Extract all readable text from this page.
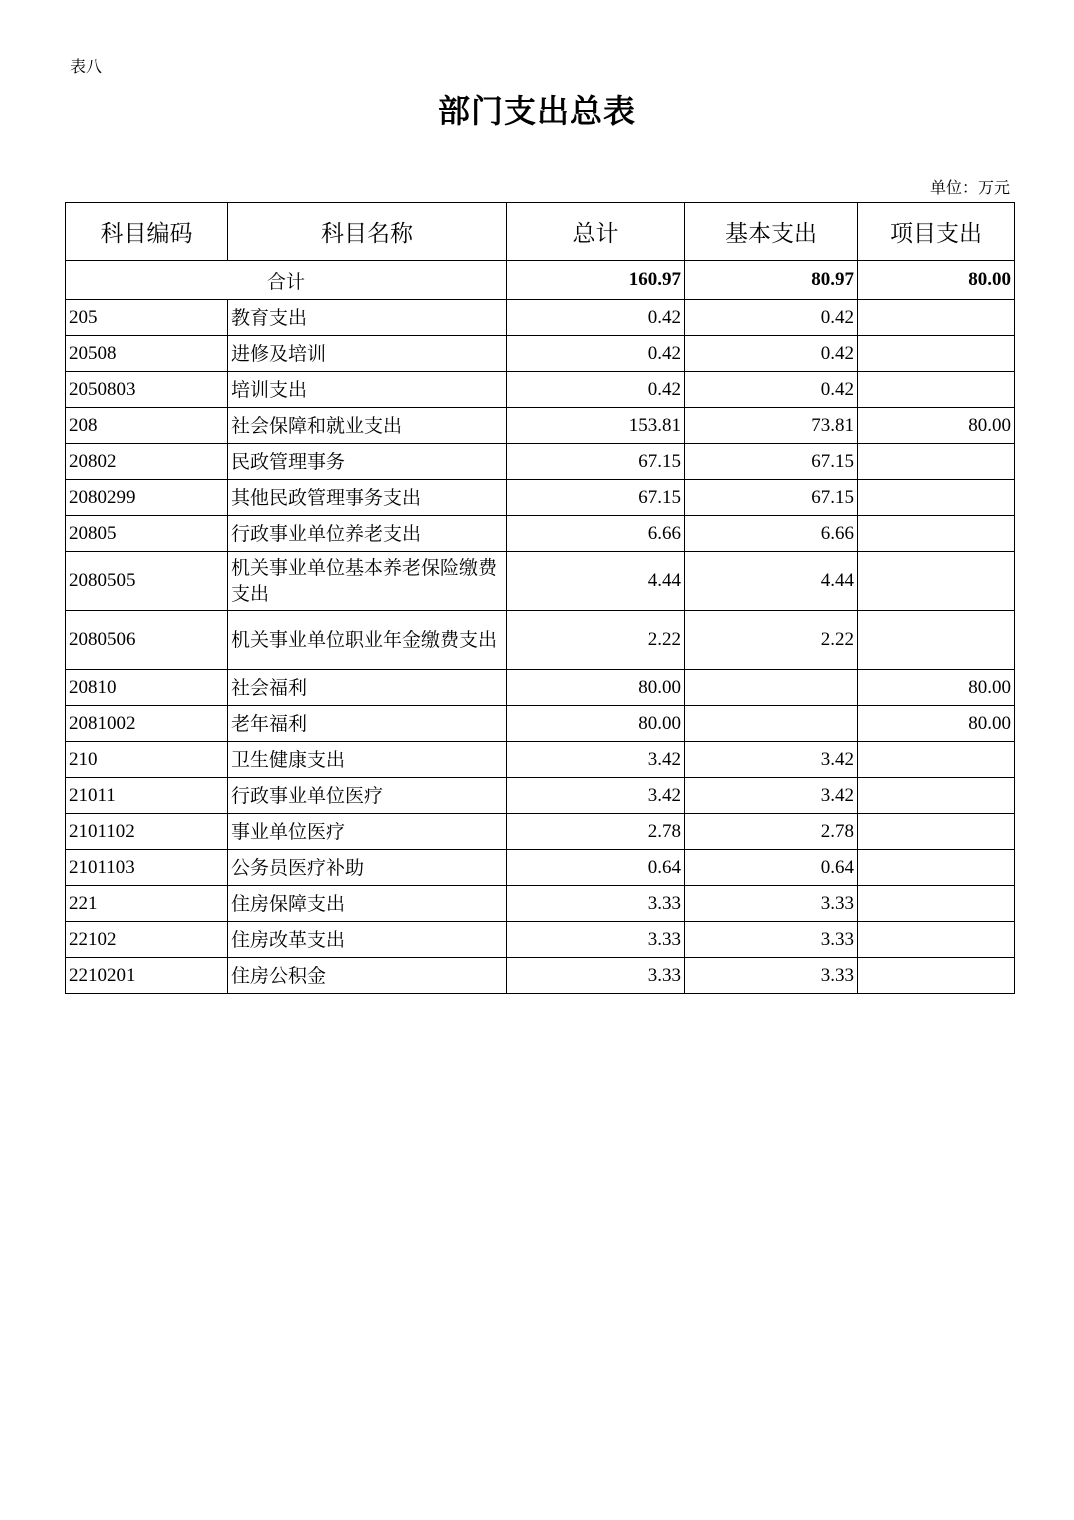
表八
部门支出总表
单位：万元
科目编码	科目名称	总计	基本支出	项目支出
合计		160.97	80.97	80.00
205	教育支出	0.42	0.42	
20508	进修及培训	0.42	0.42	
2050803	培训支出	0.42	0.42	
208	社会保障和就业支出	153.81	73.81	80.00
20802	民政管理事务	67.15	67.15	
2080299	其他民政管理事务支出	67.15	67.15	
20805	行政事业单位养老支出	6.66	6.66	
2080505	机关事业单位基本养老保险缴费支出	4.44	4.44	
2080506	机关事业单位职业年金缴费支出	2.22	2.22	
20810	社会福利	80.00		80.00
2081002	老年福利	80.00		80.00
210	卫生健康支出	3.42	3.42	
21011	行政事业单位医疗	3.42	3.42	
2101102	事业单位医疗	2.78	2.78	
2101103	公务员医疗补助	0.64	0.64	
221	住房保障支出	3.33	3.33	
22102	住房改革支出	3.33	3.33	
2210201	住房公积金	3.33	3.33	
